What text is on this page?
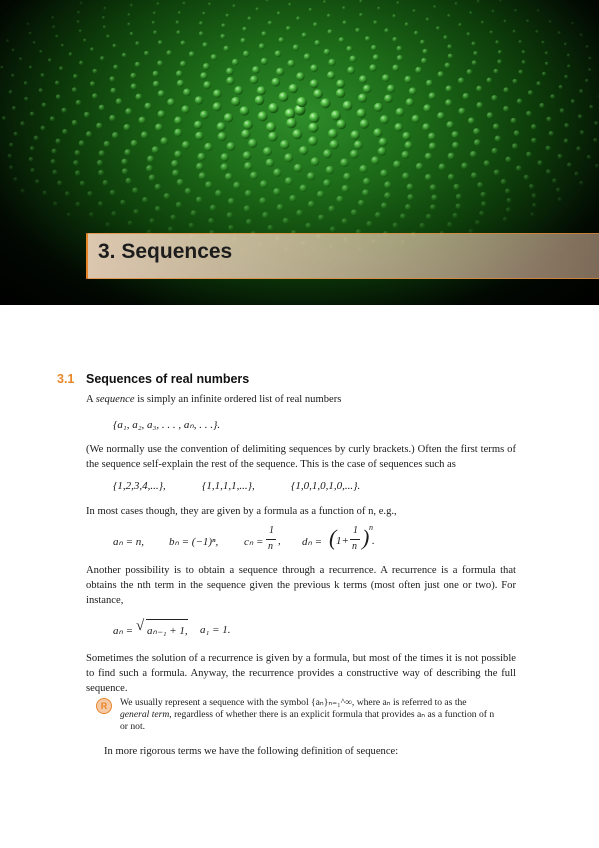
3. Sequences
3.1 Sequences of real numbers
A sequence is simply an infinite ordered list of real numbers
{a₁, a₂, a₃, . . . , aₙ, . . .}.
(We normally use the convention of delimiting sequences by curly brackets.) Often the first terms of the sequence self-explain the rest of the sequence. This is the case of sequences such as
{1,2,3,4,...},	{1,1,1,1,...},	{1,0,1,0,1,0,...}.
In most cases though, they are given by a formula as a function of n, e.g.,
aₙ = n, bₙ = (−1)ⁿ, cₙ =
1
n , dₙ = ( 1+
1
n ) n
.
Another possibility is to obtain a sequence through a recurrence. A recurrence is a formula that obtains the nth term in the sequence given the previous k terms (most often just one or two). For instance,
aₙ = √ aₙ₋₁ + 1, a₁ = 1.
Sometimes the solution of a recurrence is given by a formula, but most of the times it is not possible to find such a formula. Anyway, the recurrence provides a constructive way of describing the full sequence.
R	We usually represent a sequence with the symbol {aₙ}ₙ₌₁^∞, where aₙ is referred to as the general term, regardless of whether there is an explicit formula that provides aₙ as a function of n or not.
In more rigorous terms we have the following definition of sequence:
